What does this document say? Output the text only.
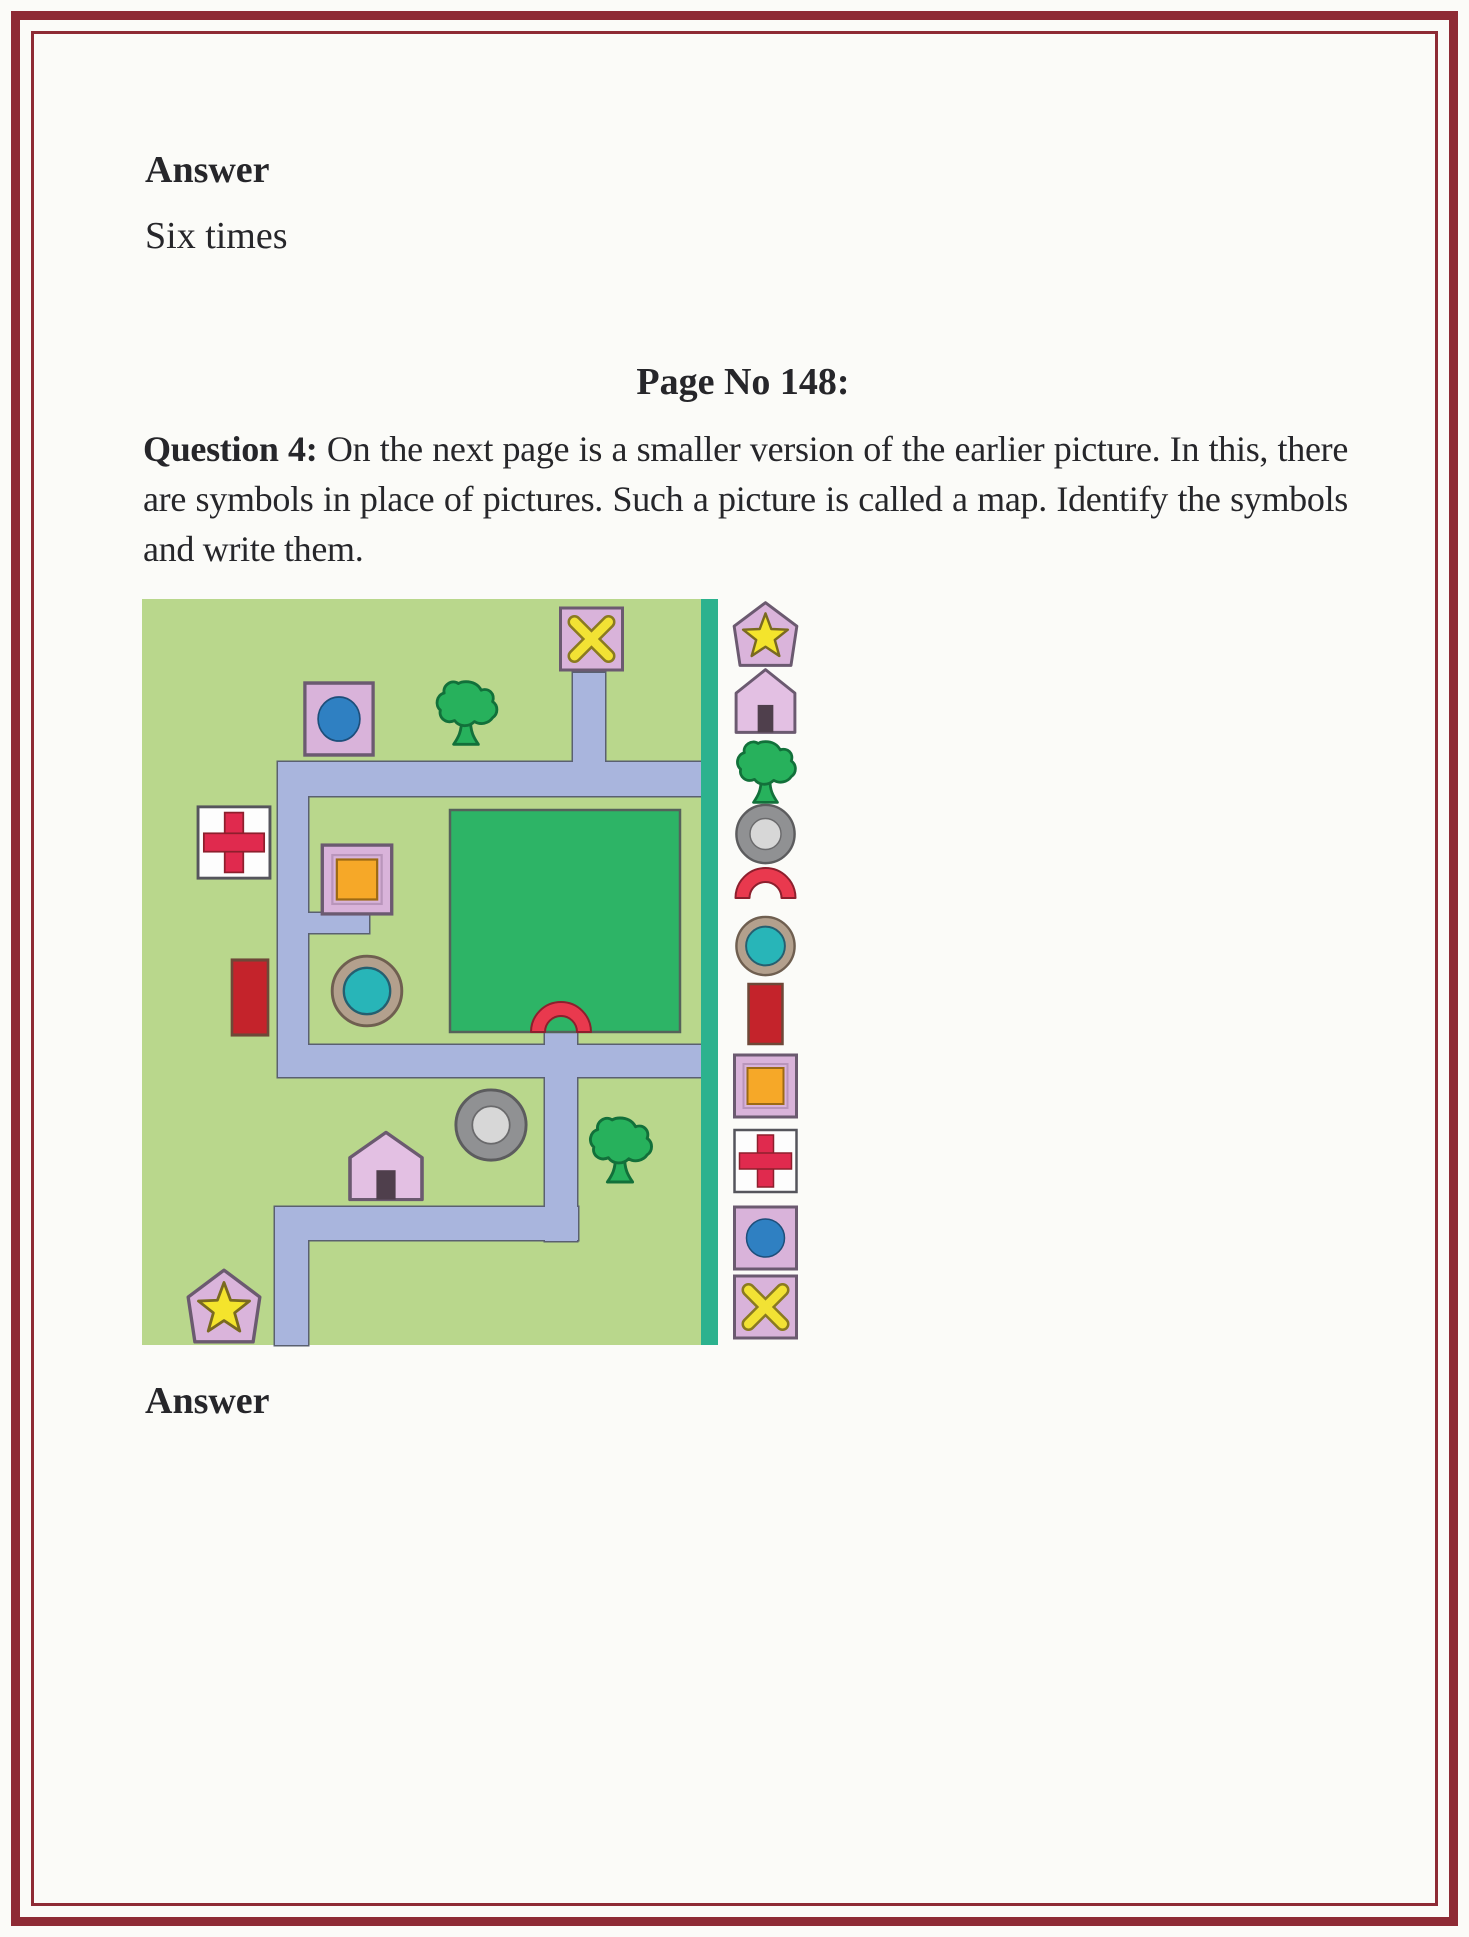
Answer
Six times
Page No 148:
Question 4: On the next page is a smaller version of the earlier picture. In this, there are symbols in place of pictures. Such a picture is called a map. Identify the symbols and write them.
Answer
